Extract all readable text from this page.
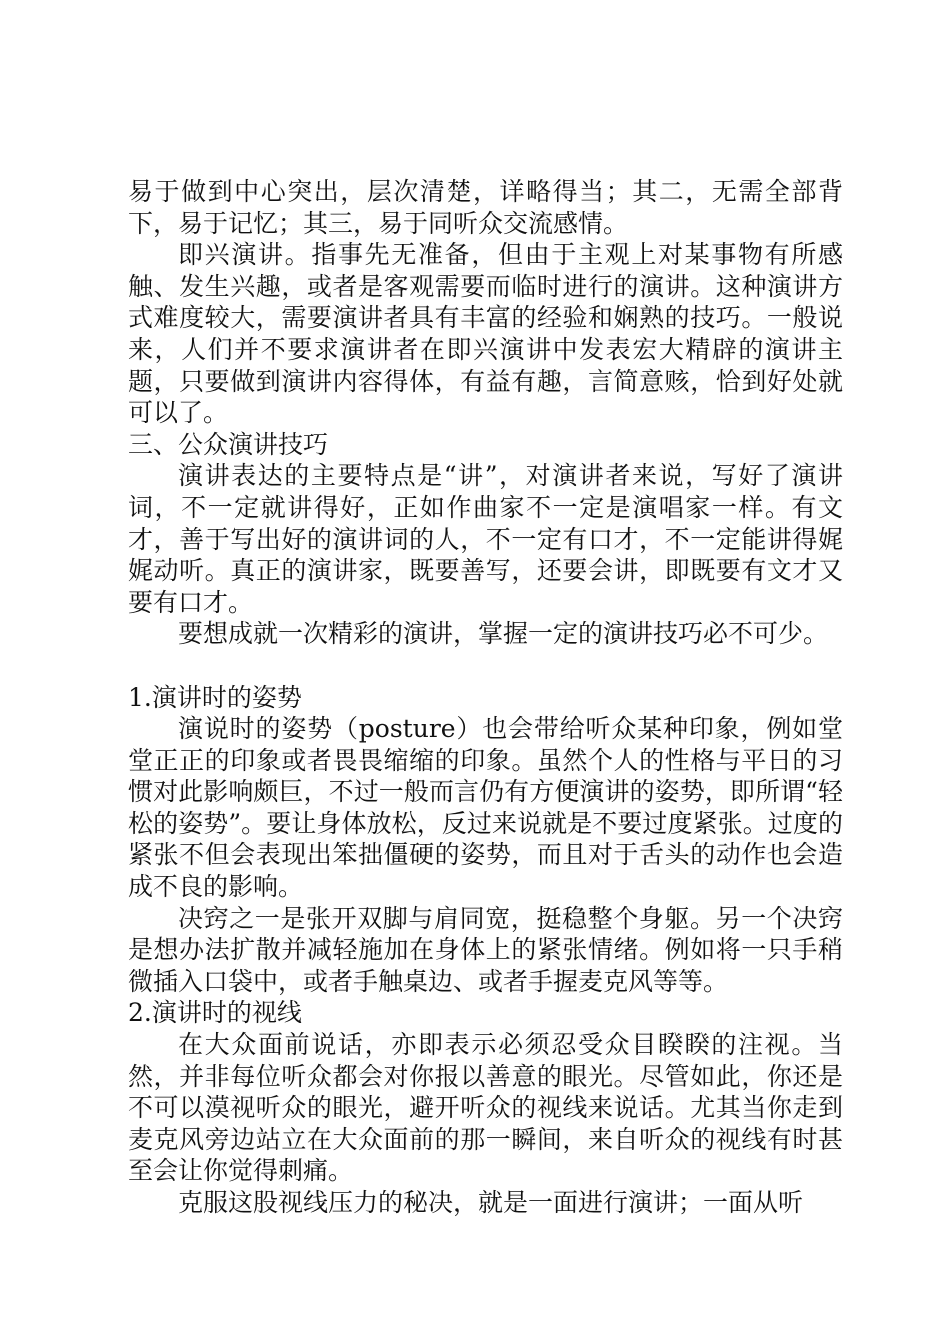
易于做到中心突出，层次清楚，详略得当；其二，无需全部背下，易于记忆；其三，易于同听众交流感情。

即兴演讲。指事先无准备，但由于主观上对某事物有所感触、发生兴趣，或者是客观需要而临时进行的演讲。这种演讲方式难度较大，需要演讲者具有丰富的经验和娴熟的技巧。一般说来，人们并不要求演讲者在即兴演讲中发表宏大精辟的演讲主题，只要做到演讲内容得体，有益有趣，言简意赅，恰到好处就可以了。

三、公众演讲技巧

演讲表达的主要特点是“讲”，对演讲者来说，写好了演讲词，不一定就讲得好，正如作曲家不一定是演唱家一样。有文才，善于写出好的演讲词的人，不一定有口才，不一定能讲得娓娓动听。真正的演讲家，既要善写，还要会讲，即既要有文才又要有口才。

要想成就一次精彩的演讲，掌握一定的演讲技巧必不可少。

1.演讲时的姿势

演说时的姿势（posture）也会带给听众某种印象，例如堂堂正正的印象或者畏畏缩缩的印象。虽然个人的性格与平日的习惯对此影响颇巨，不过一般而言仍有方便演讲的姿势，即所谓“轻松的姿势”。要让身体放松，反过来说就是不要过度紧张。过度的紧张不但会表现出笨拙僵硬的姿势，而且对于舌头的动作也会造成不良的影响。

决窍之一是张开双脚与肩同宽，挺稳整个身躯。另一个决窍是想办法扩散并减轻施加在身体上的紧张情绪。例如将一只手稍微插入口袋中，或者手触桌边、或者手握麦克风等等。

2.演讲时的视线

在大众面前说话，亦即表示必须忍受众目睽睽的注视。当然，并非每位听众都会对你报以善意的眼光。尽管如此，你还是不可以漠视听众的眼光，避开听众的视线来说话。尤其当你走到麦克风旁边站立在大众面前的那一瞬间，来自听众的视线有时甚至会让你觉得刺痛。

克服这股视线压力的秘决，就是一面进行演讲；一面从听
